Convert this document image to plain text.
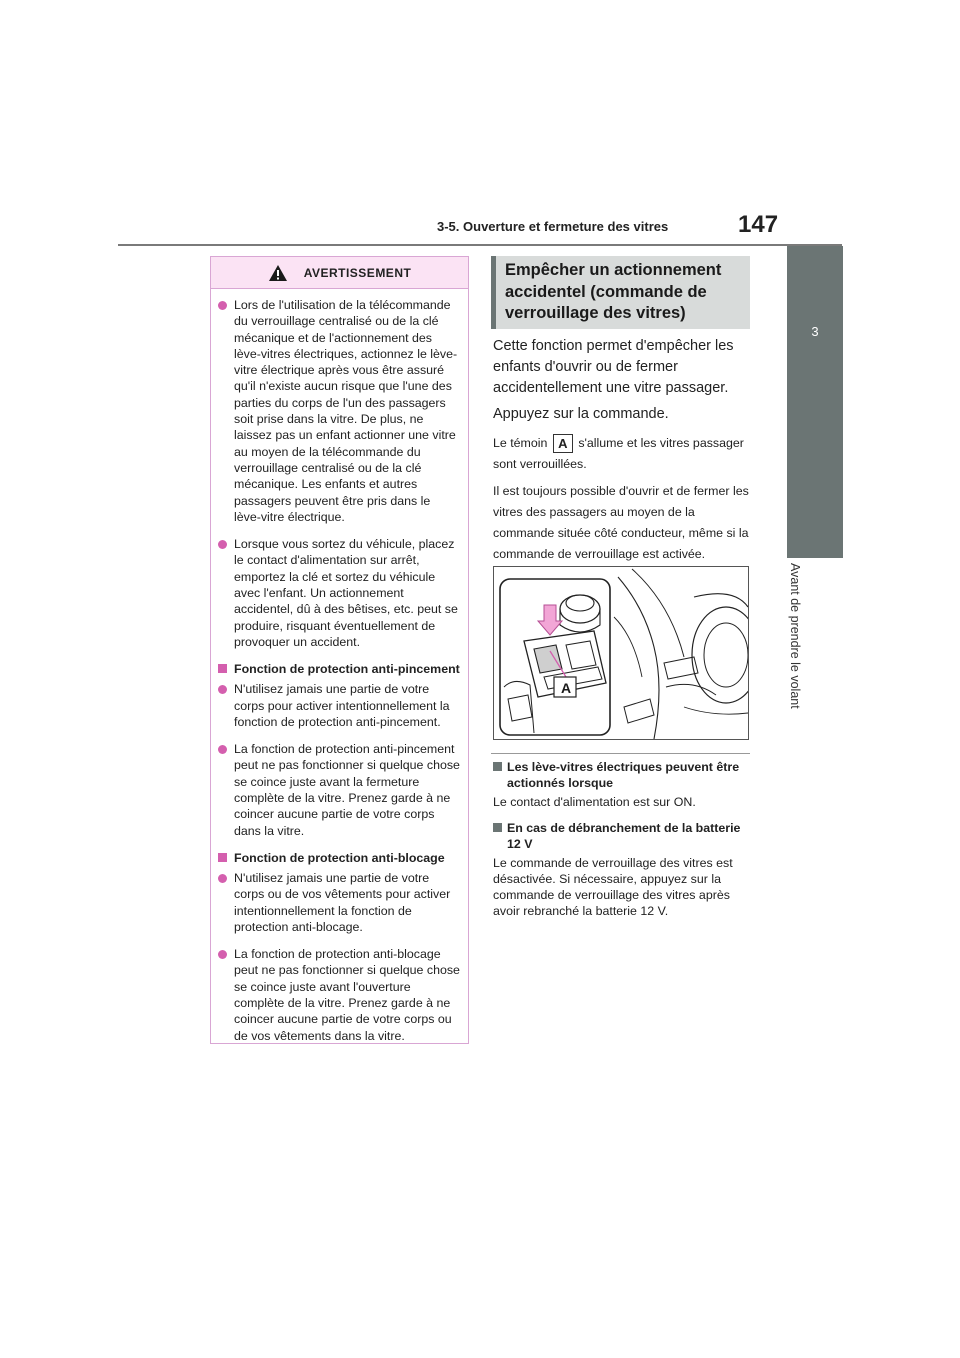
3-5. Ouverture et fermeture des vitres	147
3
Avant de prendre le volant
AVERTISSEMENT
Lors de l'utilisation de la télécommande du verrouillage centralisé ou de la clé mécanique et de l'actionnement des lève-vitres électriques, actionnez le lève-vitre électrique après vous être assuré qu'il n'existe aucun risque que l'une des parties du corps de l'un des passagers soit prise dans la vitre. De plus, ne laissez pas un enfant actionner une vitre au moyen de la télécommande du verrouillage centralisé ou de la clé mécanique. Les enfants et autres passagers peuvent être pris dans le lève-vitre électrique.
Lorsque vous sortez du véhicule, placez le contact d'alimentation sur arrêt, emportez la clé et sortez du véhicule avec l'enfant. Un actionnement accidentel, dû à des bêtises, etc. peut se produire, risquant éventuellement de provoquer un accident.
Fonction de protection anti-pincement
N'utilisez jamais une partie de votre corps pour activer intentionnellement la fonction de protection anti-pincement.
La fonction de protection anti-pincement peut ne pas fonctionner si quelque chose se coince juste avant la fermeture complète de la vitre. Prenez garde à ne coincer aucune partie de votre corps dans la vitre.
Fonction de protection anti-blocage
N'utilisez jamais une partie de votre corps ou de vos vêtements pour activer intentionnellement la fonction de protection anti-blocage.
La fonction de protection anti-blocage peut ne pas fonctionner si quelque chose se coince juste avant l'ouverture complète de la vitre. Prenez garde à ne coincer aucune partie de votre corps ou de vos vêtements dans la vitre.
Empêcher un actionnement accidentel (commande de verrouillage des vitres)

Cette fonction permet d'empêcher les enfants d'ouvrir ou de fermer accidentellement une vitre passager.

Appuyez sur la commande.

Le témoin A s'allume et les vitres passager sont verrouillées.

Il est toujours possible d'ouvrir et de fermer les vitres des passagers au moyen de la commande située côté conducteur, même si la commande de verrouillage est activée.

A
Les lève-vitres électriques peuvent être actionnés lorsque
Le contact d'alimentation est sur ON.
En cas de débranchement de la batterie 12 V
Le commande de verrouillage des vitres est désactivée. Si nécessaire, appuyez sur la commande de verrouillage des vitres après avoir rebranché la batterie 12 V.
